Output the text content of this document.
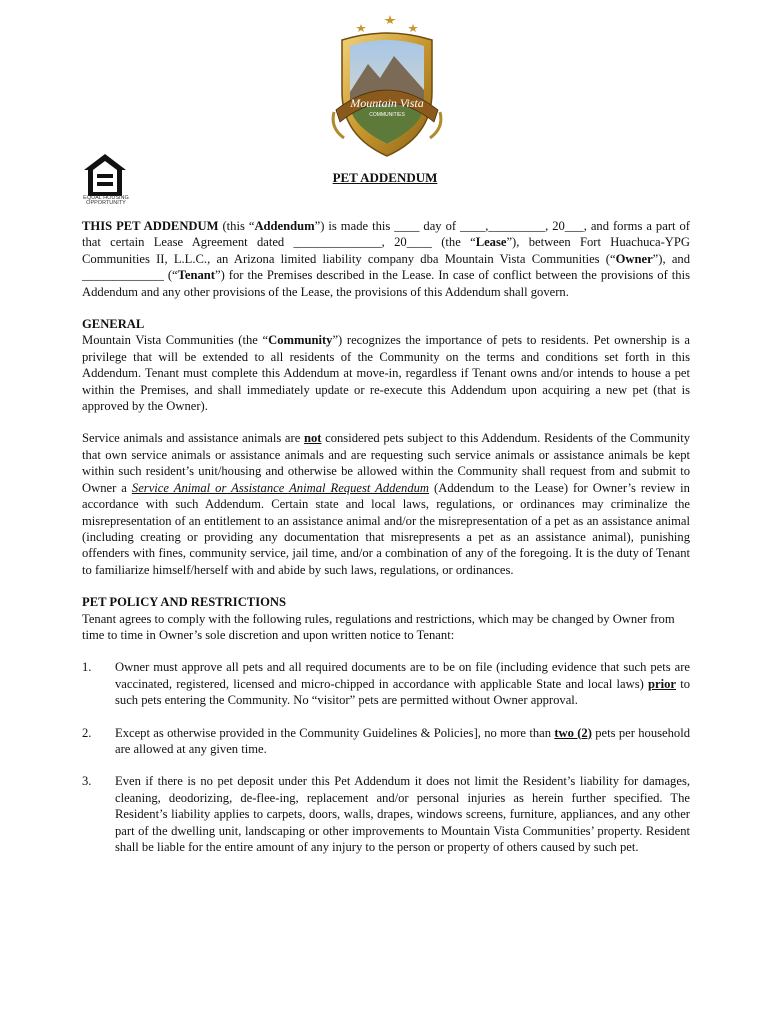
Mountain Vista
COMMUNITIES
EQUAL HOUSING OPPORTUNITY
PET ADDENDUM

THIS PET ADDENDUM (this “Addendum”) is made this ____ day of ____,_________, 20___, and forms a part of that certain Lease Agreement dated ______________, 20____ (the “Lease”), between Fort Huachuca-YPG Communities II, L.L.C., an Arizona limited liability company dba Mountain Vista Communities (“Owner”), and _____________ (“Tenant”) for the Premises described in the Lease. In case of conflict between the provisions of this Addendum and any other provisions of the Lease, the provisions of this Addendum shall govern.

GENERAL

Mountain Vista Communities (the “Community”) recognizes the importance of pets to residents. Pet ownership is a privilege that will be extended to all residents of the Community on the terms and conditions set forth in this Addendum. Tenant must complete this Addendum at move-in, regardless if Tenant owns and/or intends to house a pet within the Premises, and shall immediately update or re-execute this Addendum upon acquiring a new pet (that is approved by the Owner).

Service animals and assistance animals are not considered pets subject to this Addendum. Residents of the Community that own service animals or assistance animals and are requesting such service animals or assistance animals be kept within such resident’s unit/housing and otherwise be allowed within the Community shall request from and submit to Owner a Service Animal or Assistance Animal Request Addendum (Addendum to the Lease) for Owner’s review in accordance with such Addendum. Certain state and local laws, regulations, or ordinances may criminalize the misrepresentation of an entitlement to an assistance animal and/or the misrepresentation of a pet as an assistance animal (including creating or providing any documentation that misrepresents a pet as an assistance animal), punishing offenders with fines, community service, jail time, and/or a combination of any of the foregoing. It is the duty of Tenant to familiarize himself/herself with and abide by such laws, regulations, or ordinances.

PET POLICY AND RESTRICTIONS

Tenant agrees to comply with the following rules, regulations and restrictions, which may be changed by Owner from time to time in Owner’s sole discretion and upon written notice to Tenant:

1.	Owner must approve all pets and all required documents are to be on file (including evidence that such pets are vaccinated, registered, licensed and micro-chipped in accordance with applicable State and local laws) prior to such pets entering the Community. No “visitor” pets are permitted without Owner approval.
2.	Except as otherwise provided in the Community Guidelines & Policies], no more than two (2) pets per household are allowed at any given time.
3.	Even if there is no pet deposit under this Pet Addendum it does not limit the Resident’s liability for damages, cleaning, deodorizing, de-flee-ing, replacement and/or personal injuries as herein further specified. The Resident’s liability applies to carpets, doors, walls, drapes, windows screens, furniture, appliances, and any other part of the dwelling unit, landscaping or other improvements to Mountain Vista Communities’ property. Resident shall be liable for the entire amount of any injury to the person or property of others caused by such pet.
